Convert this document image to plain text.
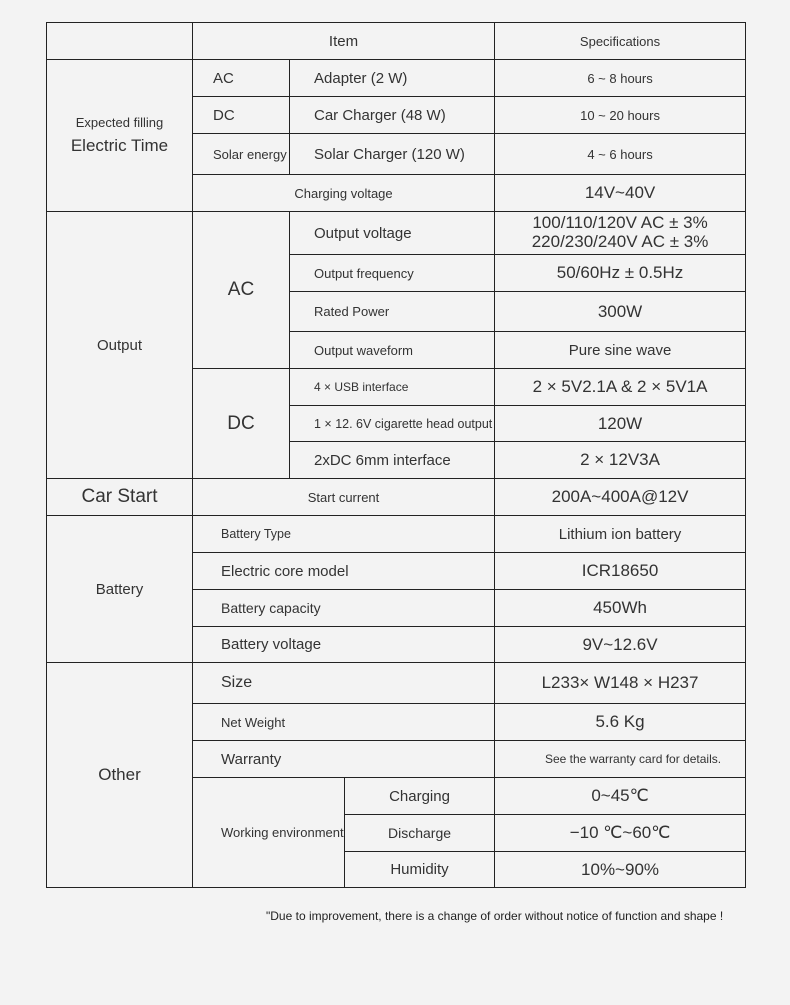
	Item			Specifications

Expected filling
Electric Time	AC	Adapter (2 W)		6 ~ 8 hours
	DC	Car Charger (48 W)		10 ~ 20 hours
	Solar energy	Solar Charger (120 W)		4 ~ 6 hours
	Charging voltage			14V~40V
Output	AC	Output voltage		100/110/120V AC ± 3%
220/230/240V AC ± 3%

		Output frequency		50/60Hz ± 0.5Hz
		Rated Power		300W
		Output waveform		Pure sine wave
	DC	4 × USB interface		2 × 5V2.1A & 2 × 5V1A
		1 × 12. 6V cigarette head output		120W
		2xDC 6mm interface		2 × 12V3A
Car Start	Start current			200A~400A@12V
Battery	Battery Type			Lithium ion battery
	Electric core model			ICR18650
	Battery capacity			450Wh
	Battery voltage			9V~12.6V
Other	Size			L233× W148 × H237
	Net Weight			5.6 Kg
	Warranty			See the warranty card for details.
	Working environment		Charging	0~45℃
			Discharge	−10 ℃~60℃
			Humidity	10%~90%
"Due to improvement, there is a change of order without notice of function and shape !
